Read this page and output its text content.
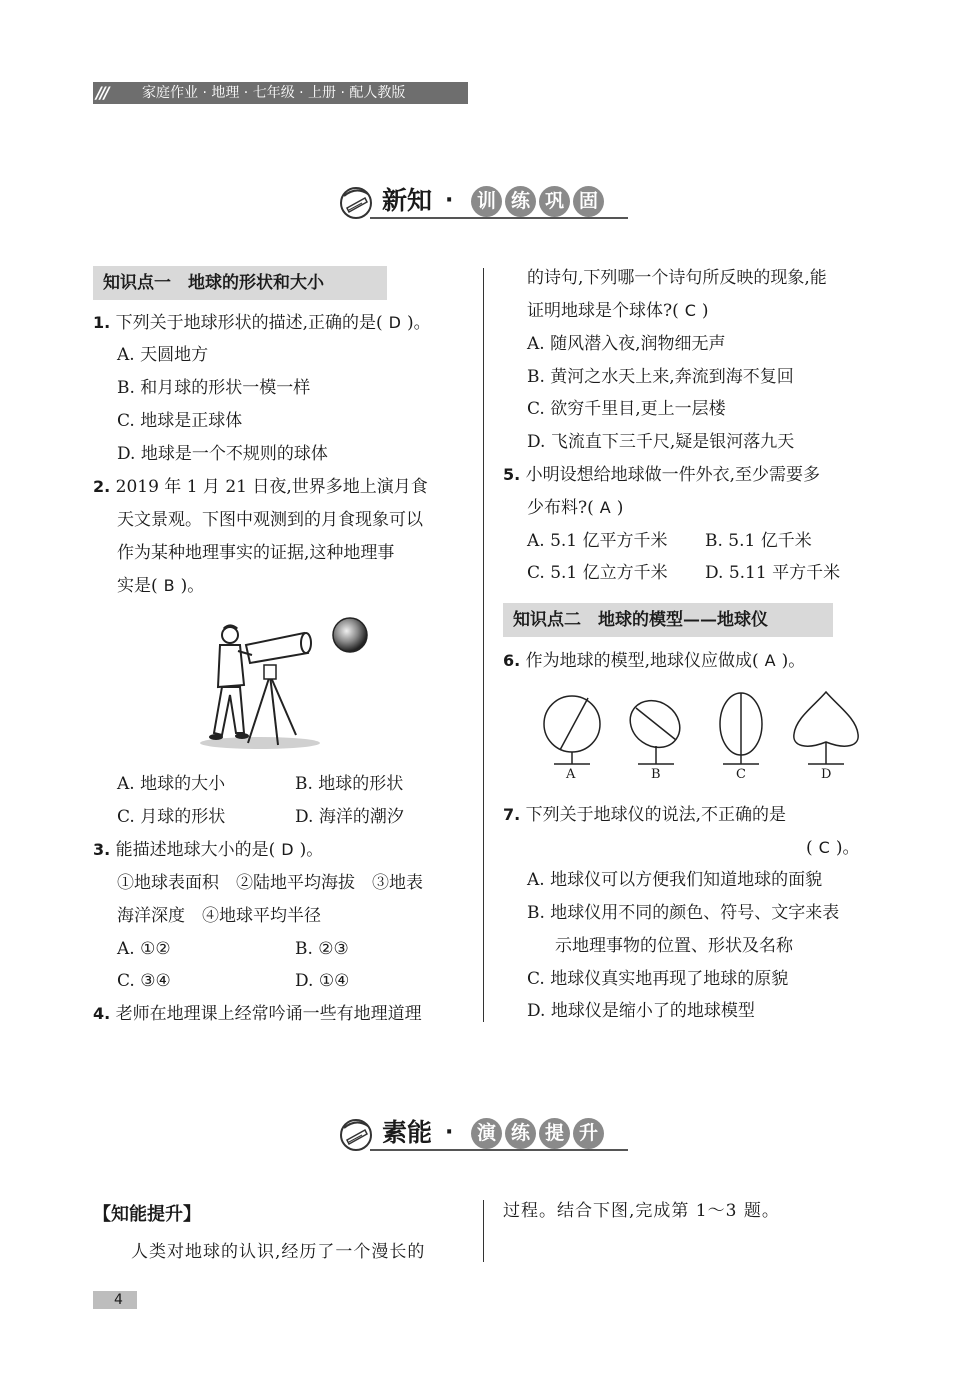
/// 家庭作业 · 地理 · 七年级 · 上册 · 配人教版
新知 ·	训 练 巩 固
知识点一　地球的形状和大小
1. 下列关于地球形状的描述,正确的是( D )。
A. 天圆地方
B. 和月球的形状一模一样
C. 地球是正球体
D. 地球是一个不规则的球体
2. 2019 年 1 月 21 日夜,世界多地上演月食
天文景观。下图中观测到的月食现象可以
作为某种地理事实的证据,这种地理事
实是( B )。
A. 地球的大小	B. 地球的形状
C. 月球的形状	D. 海洋的潮汐
3. 能描述地球大小的是( D )。
①地球表面积　②陆地平均海拔　③地表
海洋深度　④地球平均半径
A. ①②	B. ②③
C. ③④	D. ①④
4. 老师在地理课上经常吟诵一些有地理道理
的诗句,下列哪一个诗句所反映的现象,能
证明地球是个球体?( C )
A. 随风潜入夜,润物细无声
B. 黄河之水天上来,奔流到海不复回
C. 欲穷千里目,更上一层楼
D. 飞流直下三千尺,疑是银河落九天
5. 小明设想给地球做一件外衣,至少需要多
少布料?( A )
A. 5.1 亿平方千米 B. 5.1 亿千米
C. 5.1 亿立方千米 D. 5.11 平方千米
知识点二　地球的模型——地球仪
6. 作为地球的模型,地球仪应做成( A )。
A	B	C	D
7. 下列关于地球仪的说法,不正确的是
( C )。
A. 地球仪可以方便我们知道地球的面貌
B. 地球仪用不同的颜色、符号、文字来表
示地理事物的位置、形状及名称
C. 地球仪真实地再现了地球的原貌
D. 地球仪是缩小了的地球模型
素能 ·	演 练 提 升
【知能提升】
人类对地球的认识,经历了一个漫长的
过程。结合下图,完成第 1～3 题。
4
